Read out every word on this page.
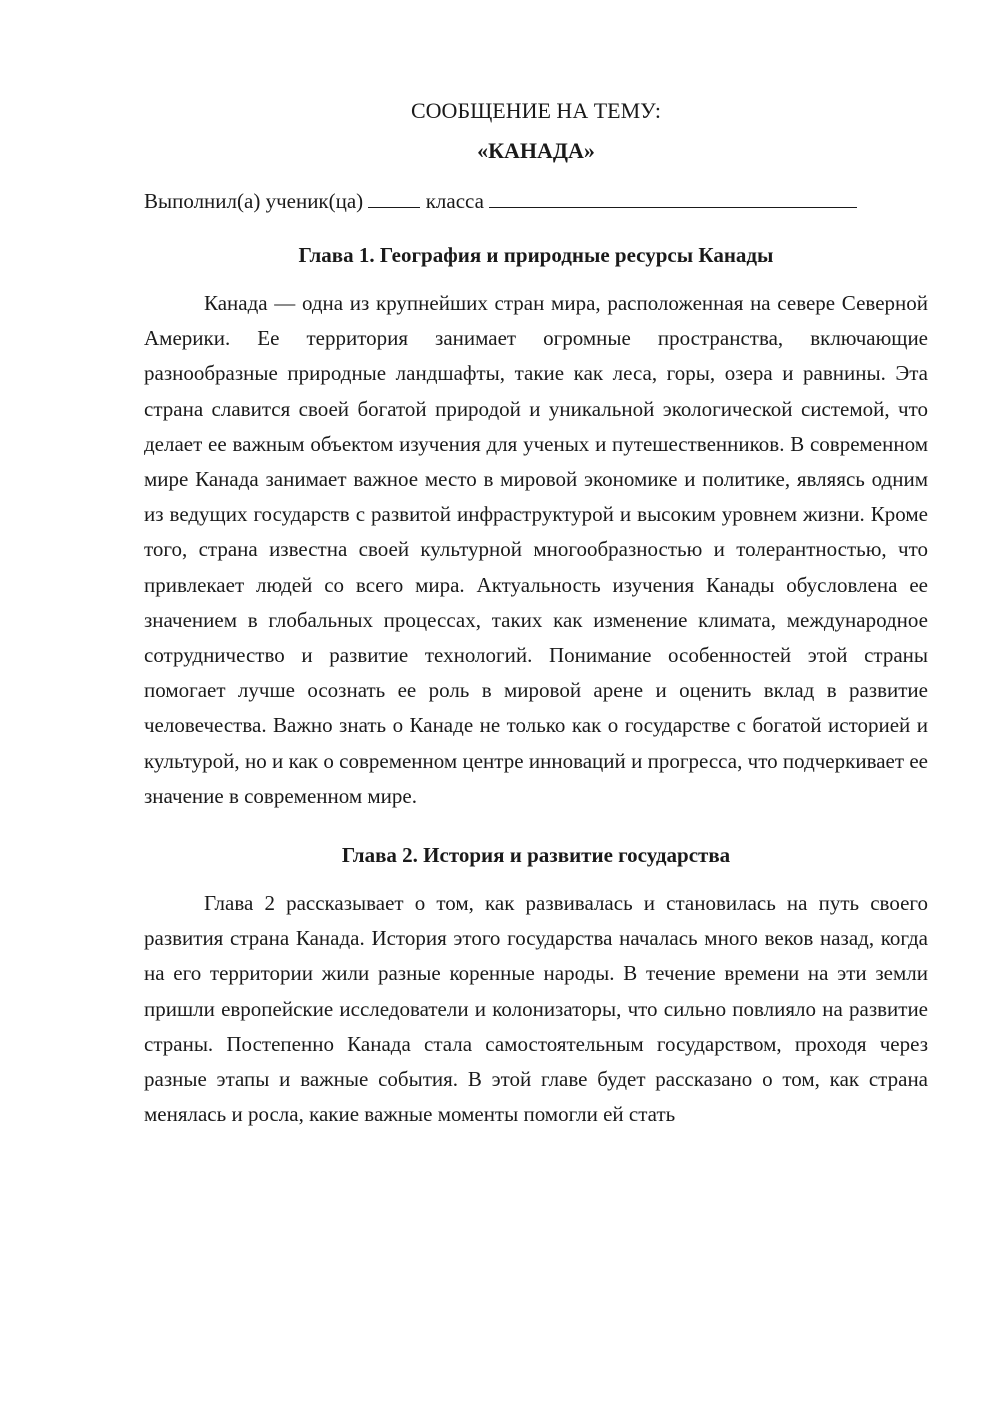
СООБЩЕНИЕ НА ТЕМУ:

«КАНАДА»

Выполнил(а) ученик(ца)	класса

Глава 1. География и природные ресурсы Канады

Канада — одна из крупнейших стран мира, расположенная на севере Северной Америки. Ее территория занимает огромные пространства, включающие разнообразные природные ландшафты, такие как леса, горы, озера и равнины. Эта страна славится своей богатой природой и уникальной экологической системой, что делает ее важным объектом изучения для ученых и путешественников. В современном мире Канада занимает важное место в мировой экономике и политике, являясь одним из ведущих государств с развитой инфраструктурой и высоким уровнем жизни. Кроме того, страна известна своей культурной многообразностью и толерантностью, что привлекает людей со всего мира. Актуальность изучения Канады обусловлена ее значением в глобальных процессах, таких как изменение климата, международное сотрудничество и развитие технологий. Понимание особенностей этой страны помогает лучше осознать ее роль в мировой арене и оценить вклад в развитие человечества. Важно знать о Канаде не только как о государстве с богатой историей и культурой, но и как о современном центре инноваций и прогресса, что подчеркивает ее значение в современном мире.

Глава 2. История и развитие государства

Глава 2 рассказывает о том, как развивалась и становилась на путь своего развития страна Канада. История этого государства началась много веков назад, когда на его территории жили разные коренные народы. В течение времени на эти земли пришли европейские исследователи и колонизаторы, что сильно повлияло на развитие страны. Постепенно Канада стала самостоятельным государством, проходя через разные этапы и важные события. В этой главе будет рассказано о том, как страна менялась и росла, какие важные моменты помогли ей стать
